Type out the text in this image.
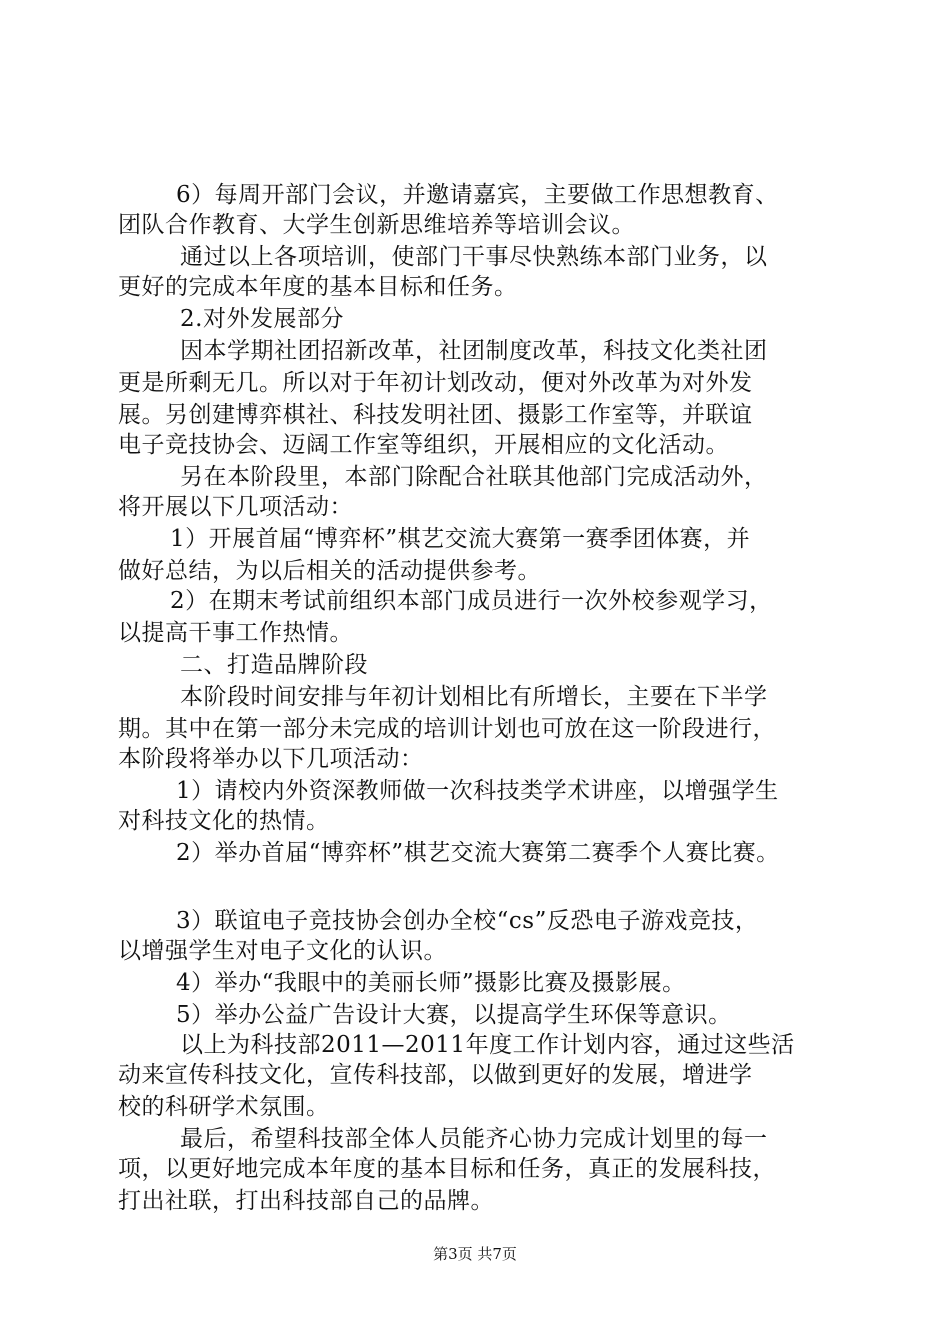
6）每周开部门会议，并邀请嘉宾，主要做工作思想教育、
团队合作教育、大学生创新思维培养等培训会议。
通过以上各项培训，使部门干事尽快熟练本部门业务，以
更好的完成本年度的基本目标和任务。
2.对外发展部分
因本学期社团招新改革，社团制度改革，科技文化类社团
更是所剩无几。所以对于年初计划改动，便对外改革为对外发
展。另创建博弈棋社、科技发明社团、摄影工作室等，并联谊
电子竞技协会、迈阔工作室等组织，开展相应的文化活动。
另在本阶段里，本部门除配合社联其他部门完成活动外，
将开展以下几项活动：
1）开展首届“博弈杯”棋艺交流大赛第一赛季团体赛，并
做好总结，为以后相关的活动提供参考。
2）在期末考试前组织本部门成员进行一次外校参观学习，
以提高干事工作热情。
二、打造品牌阶段
本阶段时间安排与年初计划相比有所增长，主要在下半学
期。其中在第一部分未完成的培训计划也可放在这一阶段进行，
本阶段将举办以下几项活动：
1）请校内外资深教师做一次科技类学术讲座，以增强学生
对科技文化的热情。
2）举办首届“博弈杯”棋艺交流大赛第二赛季个人赛比赛。
3）联谊电子竞技协会创办全校“cs”反恐电子游戏竞技，
以增强学生对电子文化的认识。
4）举办“我眼中的美丽长师”摄影比赛及摄影展。
5）举办公益广告设计大赛，以提高学生环保等意识。
以上为科技部2011—2011年度工作计划内容，通过这些活
动来宣传科技文化，宣传科技部，以做到更好的发展，增进学
校的科研学术氛围。
最后，希望科技部全体人员能齐心协力完成计划里的每一
项，以更好地完成本年度的基本目标和任务，真正的发展科技，
打出社联，打出科技部自己的品牌。
第3页 共7页
